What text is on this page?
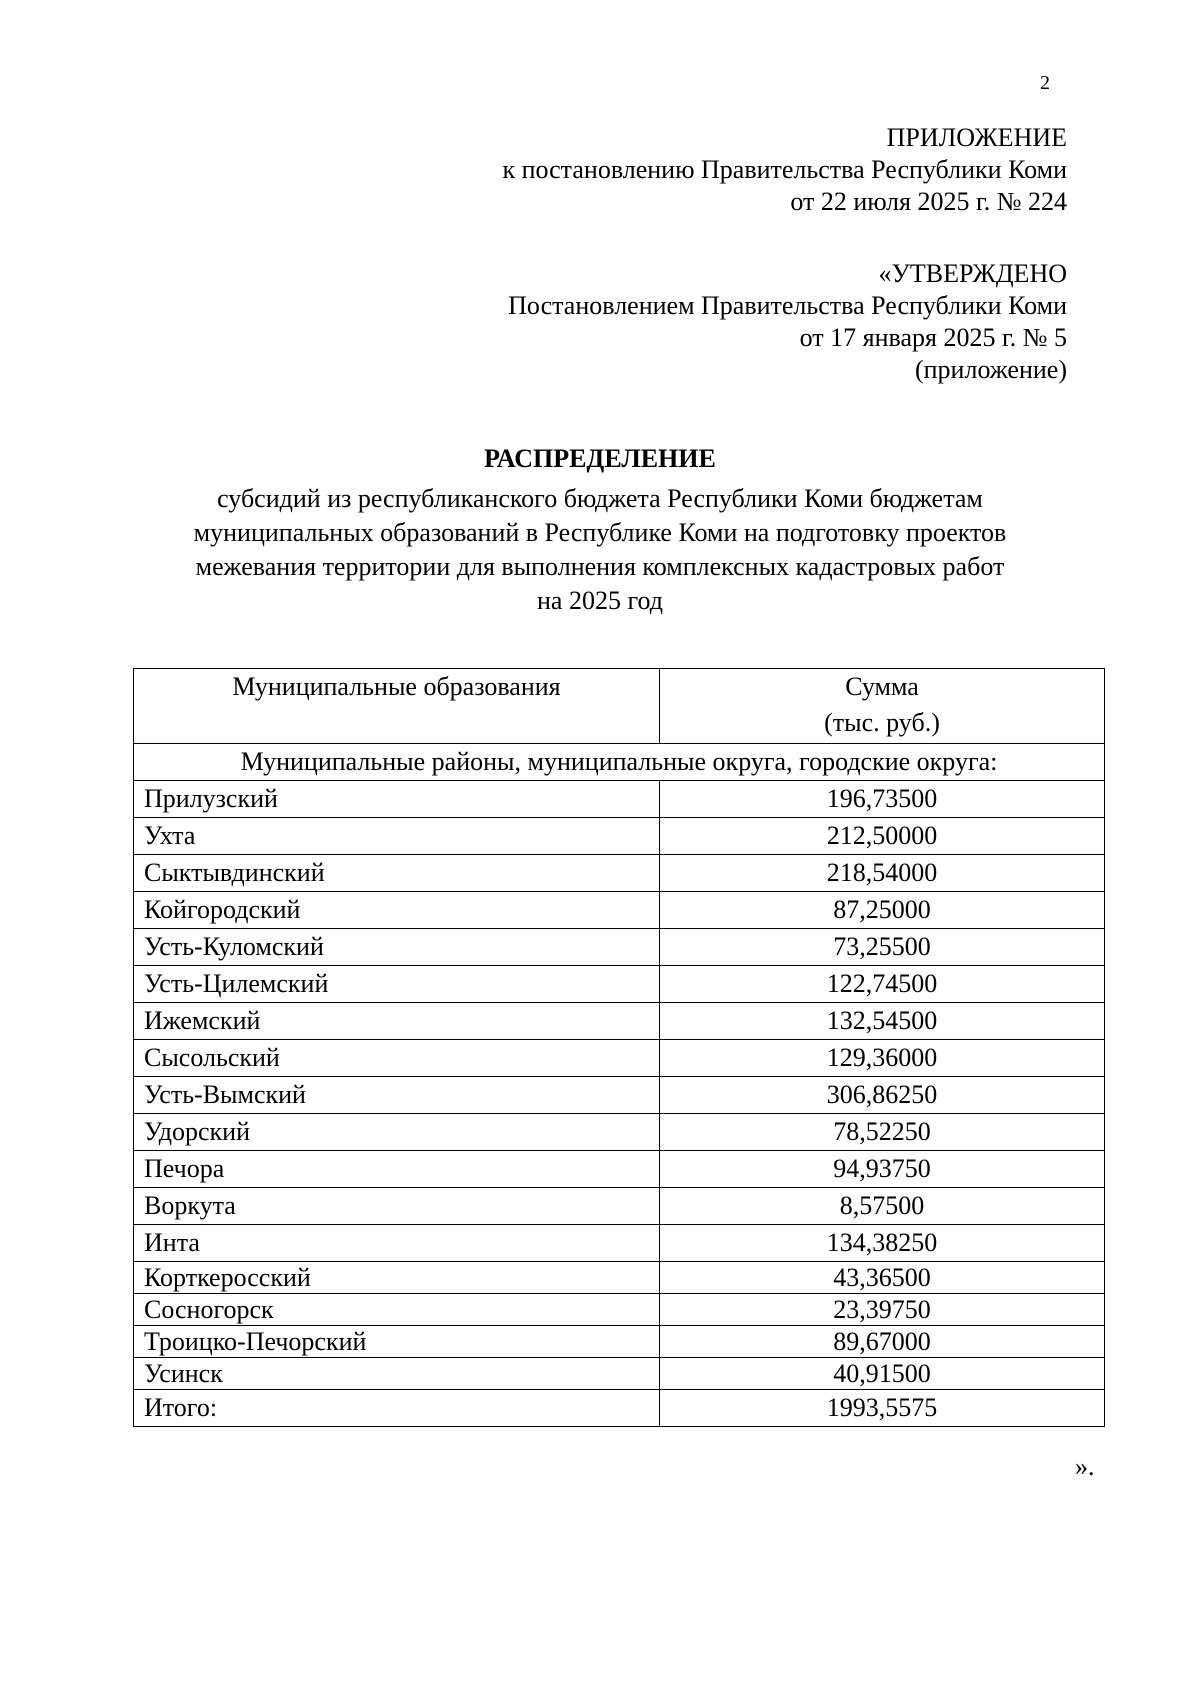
2
ПРИЛОЖЕНИЕ
к постановлению Правительства Республики Коми
от 22 июля 2025 г. № 224
«УТВЕРЖДЕНО
Постановлением Правительства Республики Коми
от 17 января 2025 г. № 5
(приложение)
РАСПРЕДЕЛЕНИЕ
субсидий из республиканского бюджета Республики Коми бюджетам
муниципальных образований в Республике Коми на подготовку проектов
межевания территории для выполнения комплексных кадастровых работ
на 2025 год
Муниципальные образования	Сумма
(тыс. руб.)

Муниципальные районы, муниципальные округа, городские округа:	
Прилузский	196,73500
Ухта	212,50000
Сыктывдинский	218,54000
Койгородский	87,25000
Усть-Куломский	73,25500
Усть-Цилемский	122,74500
Ижемский	132,54500
Сысольский	129,36000
Усть-Вымский	306,86250
Удорский	78,52250
Печора	94,93750
Воркута	8,57500
Инта	134,38250
Корткеросский	43,36500
Сосногорск	23,39750
Троицко-Печорский	89,67000
Усинск	40,91500
Итого:	1993,5575
».
